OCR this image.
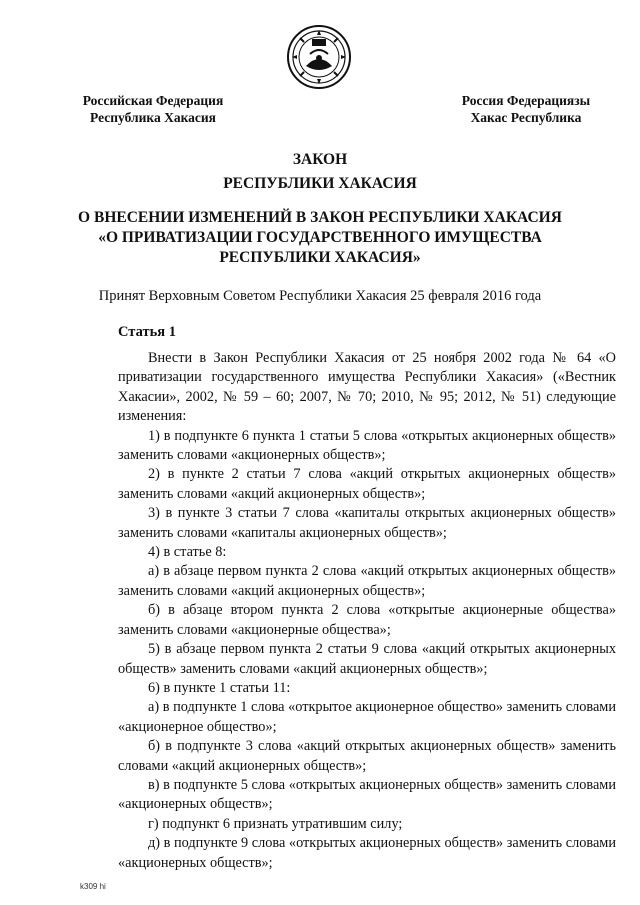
Российская Федерация
Республика Хакасия
Россия Федерациязы
Хакас Республика
ЗАКОН
РЕСПУБЛИКИ ХАКАСИЯ
О ВНЕСЕНИИ ИЗМЕНЕНИЙ В ЗАКОН РЕСПУБЛИКИ ХАКАСИЯ
«О ПРИВАТИЗАЦИИ ГОСУДАРСТВЕННОГО ИМУЩЕСТВА
РЕСПУБЛИКИ ХАКАСИЯ»
Принят Верховным Советом Республики Хакасия 25 февраля 2016 года
Статья 1

Внести в Закон Республики Хакасия от 25 ноября 2002 года № 64 «О приватизации государственного имущества Республики Хакасия» («Вестник Хакасии», 2002, № 59 – 60; 2007, № 70; 2010, № 95; 2012, № 51) следующие изменения:

1) в подпункте 6 пункта 1 статьи 5 слова «открытых акционерных обществ» заменить словами «акционерных обществ»;

2) в пункте 2 статьи 7 слова «акций открытых акционерных обществ» заменить словами «акций акционерных обществ»;

3) в пункте 3 статьи 7 слова «капиталы открытых акционерных обществ» заменить словами «капиталы акционерных обществ»;

4) в статье 8:

а) в абзаце первом пункта 2 слова «акций открытых акционерных обществ» заменить словами «акций акционерных обществ»;

б) в абзаце втором пункта 2 слова «открытые акционерные общества» заменить словами «акционерные общества»;

5) в абзаце первом пункта 2 статьи 9 слова «акций открытых акционерных обществ» заменить словами «акций акционерных обществ»;

6) в пункте 1 статьи 11:

а) в подпункте 1 слова «открытое акционерное общество» заменить словами «акционерное общество»;

б) в подпункте 3 слова «акций открытых акционерных обществ» заменить словами «акций акционерных обществ»;

в) в подпункте 5 слова «открытых акционерных обществ» заменить словами «акционерных обществ»;

г) подпункт 6 признать утратившим силу;

д) в подпункте 9 слова «открытых акционерных обществ» заменить словами «акционерных обществ»;

k309 hi
